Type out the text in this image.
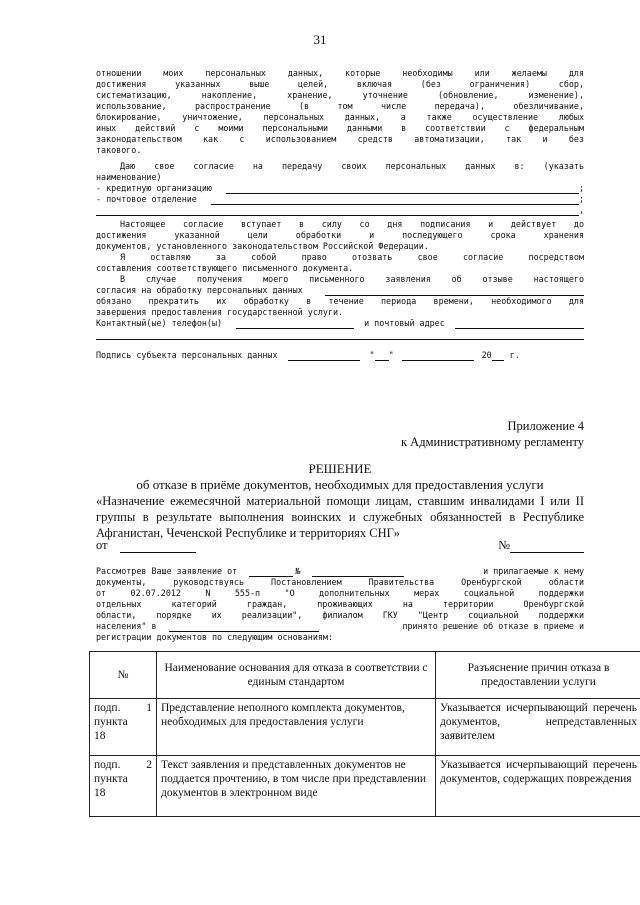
31
отношении моих персональных данных, которые необходимы или желаемы для
достижения указанных выше целей, включая (без ограничения) сбор,
систематизацию, накопление, хранение, уточнение (обновление, изменение),
использование, распространение (в том числе передача), обезличивание,
блокирование, уничтожение, персональных данных, а также осуществление любых
иных действий с моими персональными данными в соответствии с федеральным
законодательством как с использованием средств автоматизации, так и без
такового.
Даю свое согласие на передачу своих персональных данных в: (указать
наименование)
- кредитную организацию	;
- почтовое отделение	;
,
Настоящее согласие вступает в силу со дня подписания и действует до
достижения указанной цели обработки и последующего срока хранения
документов, установленного законодательством Российской Федерации.
Я оставляю за собой право отозвать свое согласие посредством
составления соответствующего письменного документа.
В случае получения моего письменного заявления об отзыве настоящего
согласия на обработку персональных данных
обязано прекратить их обработку в течение периода времени, необходимого для
завершения предоставления государственной услуги.
Контактный(ые) телефон(ы)	и почтовый адрес
Подпись субъекта персональных данных	" "	20 г.
Приложение 4
к Административному регламенту
РЕШЕНИЕ
об отказе в приёме документов, необходимых для предоставления услуги
«Назначение ежемесячной материальной помощи лицам, ставшим инвалидами I или II
группы в результате выполнения воинских и служебных обязанностей в Республике
Афганистан, Чеченской Республике и территориях СНГ»
от	№
Рассмотрев Ваше заявление от	№	и прилагаемые к нему
документы, руководствуясь Постановлением Правительства Оренбургской области
от 02.07.2012 N 555-п "О дополнительных мерах социальной поддержки
отдельных категорий граждан, проживающих на территории Оренбургской
области, порядке их реализации", филиалом ГКУ "Центр социальной поддержки
населения" в	принято решение об отказе в приеме и
регистрации документов по следующим основаниям:
№	Наименование основания для отказа в соответствии с единым стандартом	Разъяснение причин отказа в предоставлении услуги

подп. 1
пункта
18	Представление неполного комплекта документов, необходимых для предоставления услуги	Указывается исчерпывающий перечень документов, непредставленных заявителем

подп. 2
пункта
18	Текст заявления и представленных документов не поддается прочтению, в том числе при представлении документов в электронном виде	Указывается исчерпывающий перечень документов, содержащих повреждения
